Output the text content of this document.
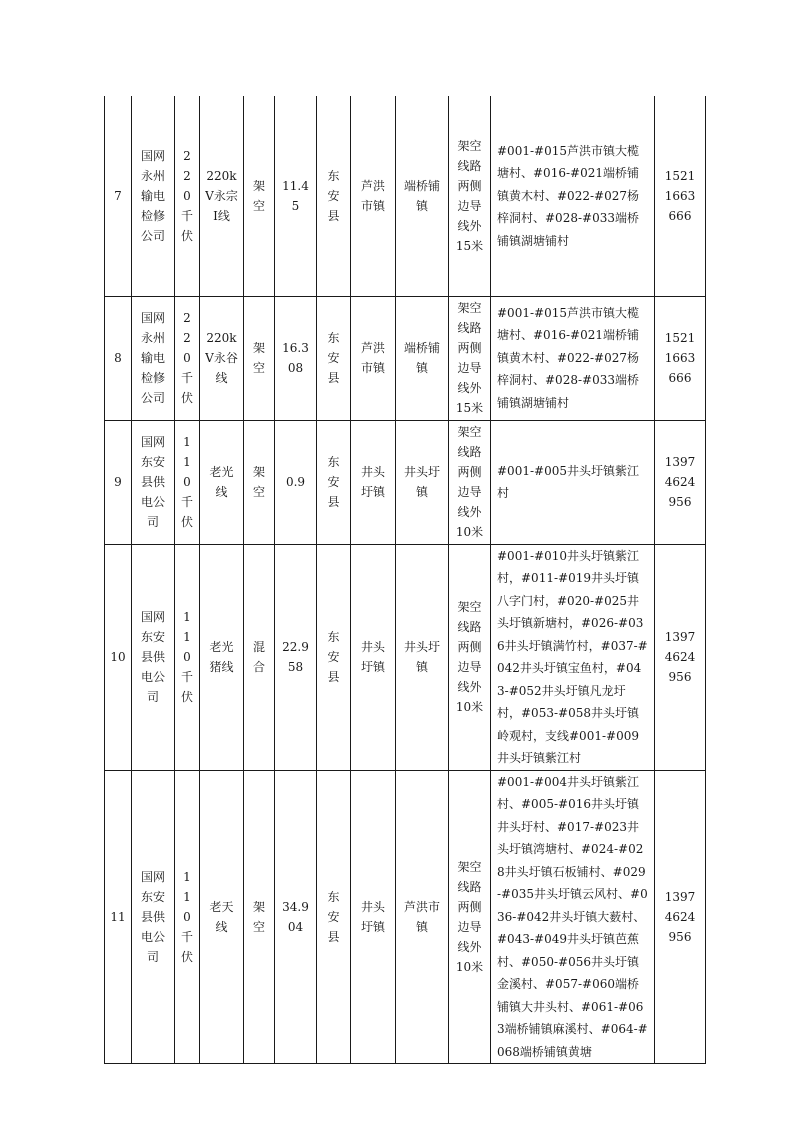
7	国网永州输电检修公司	220千伏	220kV永宗Ⅰ线	架空	11.45	东安县	芦洪市镇	端桥铺镇	架空线路两侧边导线外15米	#001-#015芦洪市镇大榄塘村、#016-#021端桥铺镇黄木村、#022-#027杨梓洞村、#028-#033端桥铺镇湖塘铺村	15211663666
8	国网永州输电检修公司	220千伏	220kV永谷线	架空	16.308	东安县	芦洪市镇	端桥铺镇	架空线路两侧边导线外15米	#001-#015芦洪市镇大榄塘村、#016-#021端桥铺镇黄木村、#022-#027杨梓洞村、#028-#033端桥铺镇湖塘铺村	15211663666
9	国网东安县供电公司	110千伏	老光线	架空	0.9	东安县	井头圩镇	井头圩镇	架空线路两侧边导线外10米	#001-#005井头圩镇紫江村	13974624956
10	国网东安县供电公司	110千伏	老光猪线	混合	22.958	东安县	井头圩镇	井头圩镇	架空线路两侧边导线外10米	#001-#010井头圩镇紫江村，#011-#019井头圩镇八字门村，#020-#025井头圩镇新塘村，#026-#036井头圩镇满竹村，#037-#042井头圩镇宝鱼村，#043-#052井头圩镇凡龙圩村，#053-#058井头圩镇岭观村，支线#001-#009井头圩镇紫江村	13974624956
11	国网东安县供电公司	110千伏	老天线	架空	34.904	东安县	井头圩镇	芦洪市镇	架空线路两侧边导线外10米	#001-#004井头圩镇紫江村、#005-#016井头圩镇井头圩村、#017-#023井头圩镇湾塘村、#024-#028井头圩镇石板铺村、#029-#035井头圩镇云风村、#036-#042井头圩镇大薮村、#043-#049井头圩镇芭蕉村、#050-#056井头圩镇金溪村、#057-#060端桥铺镇大井头村、#061-#063端桥铺镇麻溪村、#064-#068端桥铺镇黄塘	13974624956
